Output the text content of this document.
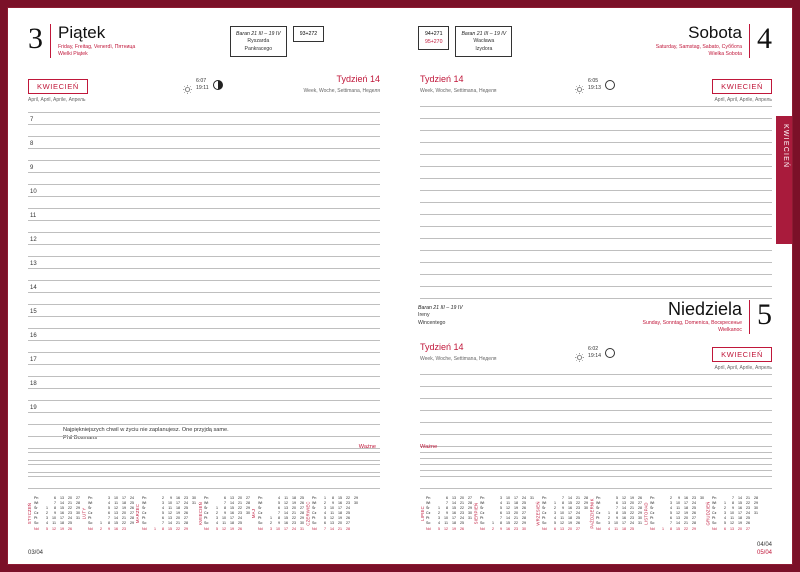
3 Piątek
Friday, Freitag, Venerdì, Пятница
Wielki Piątek
Baran 21 III – 19 IV
Ryszarda
Pankracego
93+272
KWIECIEŃ
April, April, Aprile, Апрель
6:07
19:11
Tydzień 14
Week, Woche, Settimana, Неделя
7
8
9
10
11
12
13
14
15
16
17
18
19
Najpiękniejszych chwil w życiu nie zaplanujesz. One przyjdą same.
Phil Bosmans
Ważne
STYCZEŃ
Pn	6	13	20	27
Wt	7	14	21	28
Śr	1	8	15	22	29
Cz	2	9	16	23	30
Pt	3	10	17	24	31
So	4	11	18	25
Nd	5	12	19	26
LUTY
Pn	3	10	17	24
Wt	4	11	18	25
Śr	5	12	19	26
Cz	6	13	20	27
Pt	7	14	21	28
So	1	8	15	22	29
Nd	2	9	16	23
MARZEC
Pn	2	9	16	23	30
Wt	3	10	17	24	31
Śr	4	11	18	25
Cz	5	12	19	26
Pt	6	13	20	27
So	7	14	21	28
Nd	1	8	15	22	29
KWIECIEŃ
Pn	6	13	20	27
Wt	7	14	21	28
Śr	1	8	15	22	29
Cz	2	9	16	23	30
Pt	3	10	17	24
So	4	11	18	25
Nd	5	12	19	26
MAJ
Pn	4	11	18	25
Wt	5	12	19	26
Śr	6	13	20	27
Cz	7	14	21	28
Pt	1	8	15	22	29
So	2	9	16	23	30
Nd	3	10	17	24	31
CZERWIEC
Pn	1	8	15	22	29
Wt	2	9	16	23	30
Śr	3	10	17	24
Cz	4	11	18	25
Pt	5	12	19	26
So	6	13	20	27
Nd	7	14	21	28
03/04
94+271
95+270
Baran 21 III – 19 IV
Wacława
Izydora
Sobota
Saturday, Samstag, Sabato, Суббота
Wielka Sobota 4
Tydzień 14
Week, Woche, Settimana, Неделя
6:05
19:13	KWIECIEŃ
April, April, Aprile, Апрель
Baran 21 III – 19 IV
Ireny
Wincentego
Niedziela
Sunday, Sonntag, Domenica, Воскресенье
Wielkanoc 5
Tydzień 14
Week, Woche, Settimana, Неделя
6:02
19:14	KWIECIEŃ
April, April, Aprile, Апрель
Ważne
LIPIEC
Pn	6	13	20	27
Wt	7	14	21	28
Śr	1	8	15	22	29
Cz	2	9	16	23	30
Pt	3	10	17	24	31
So	4	11	18	25
Nd	5	12	19	26
SIERPIEŃ
Pn	3	10	17	24	31
Wt	4	11	18	25
Śr	5	12	19	26
Cz	6	13	20	27
Pt	7	14	21	28
So	1	8	15	22	29
Nd	2	9	16	23	30
WRZESIEŃ
Pn	7	14	21	28
Wt	1	8	15	22	29
Śr	2	9	16	23	30
Cz	3	10	17	24
Pt	4	11	18	25
So	5	12	19	26
Nd	6	13	20	27 PAŹDZIERNIK
Pn	5	12	19	26
Wt	6	13	20	27
Śr	7	14	21	28
Cz	1	8	15	22	29
Pt	2	9	16	23	30
So	3	10	17	24	31
Nd	4	11	18	25
LISTOPAD
Pn	2	9	16	23	30
Wt	3	10	17	24
Śr	4	11	18	25
Cz	5	12	19	26
Pt	6	13	20	27
So	7	14	21	28
Nd	1	8	15	22	29
GRUDZIEŃ
Pn	7	14	21	28
Wt	1	8	15	22	29
Śr	2	9	16	23	30
Cz	3	10	17	24	31
Pt	4	11	18	25
So	5	12	19	26
Nd	6	13	20	27
04/04
05/04
KWIECIEŃ
